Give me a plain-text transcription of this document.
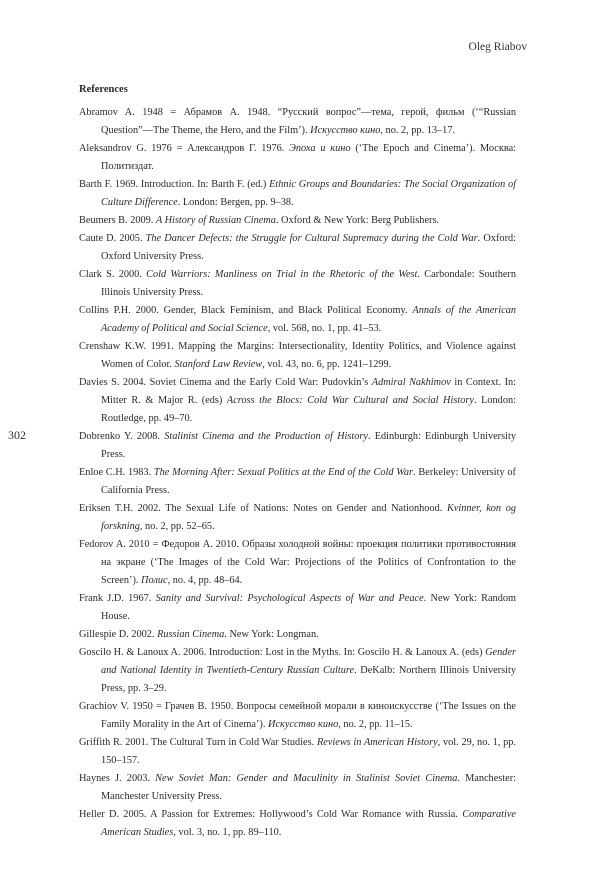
Oleg Riabov
302
References

Abramov A. 1948 = Абрамов А. 1948. “Русский вопрос”—тема, герой, фильм (‘“Russian Question”—The Theme, the Hero, and the Film’). Искусство кино, no. 2, pp. 13–17.

Aleksandrov G. 1976 = Александров Г. 1976. Эпоха и кино (‘The Epoch and Cinema’). Москва: Политиздат.

Barth F. 1969. Introduction. In: Barth F. (ed.) Ethnic Groups and Boundaries: The Social Organization of Culture Difference. London: Bergen, pp. 9–38.

Beumers B. 2009. A History of Russian Cinema. Oxford & New York: Berg Publishers.

Caute D. 2005. The Dancer Defects: the Struggle for Cultural Supremacy during the Cold War. Oxford: Oxford University Press.

Clark S. 2000. Cold Warriors: Manliness on Trial in the Rhetoric of the West. Carbondale: Southern Illinois University Press.

Collins P.H. 2000. Gender, Black Feminism, and Black Political Economy. Annals of the American Academy of Political and Social Science, vol. 568, no. 1, pp. 41–53.

Crenshaw K.W. 1991. Mapping the Margins: Intersectionality, Identity Politics, and Violence against Women of Color. Stanford Law Review, vol. 43, no. 6, pp. 1241–1299.

Davies S. 2004. Soviet Cinema and the Early Cold War: Pudovkin’s Admiral Nakhimov in Context. In: Mitter R. & Major R. (eds) Across the Blocs: Cold War Cultural and Social History. London: Routledge, pp. 49–70.

Dobrenko Y. 2008. Stalinist Cinema and the Production of History. Edinburgh: Edinburgh University Press.

Enloe C.H. 1983. The Morning After: Sexual Politics at the End of the Cold War. Berkeley: University of California Press.

Eriksen T.H. 2002. The Sexual Life of Nations: Notes on Gender and Nationhood. Kvinner, kon og forskning, no. 2, pp. 52–65.

Fedorov A. 2010 = Федоров А. 2010. Образы холодной войны: проекция политики противостояния на экране (‘The Images of the Cold War: Projections of the Politics of Confrontation to the Screen’). Полис, no. 4, pp. 48–64.

Frank J.D. 1967. Sanity and Survival: Psychological Aspects of War and Peace. New York: Random House.

Gillespie D. 2002. Russian Cinema. New York: Longman.

Goscilo H. & Lanoux A. 2006. Introduction: Lost in the Myths. In: Goscilo H. & Lanoux A. (eds) Gender and National Identity in Twentieth-Century Russian Culture. DeKalb: Northern Illinois University Press, pp. 3–29.

Grachiov V. 1950 = Грачев В. 1950. Вопросы семейной морали в киноискусстве (‘The Issues on the Family Morality in the Art of Cinema’). Искусство кино, no. 2, pp. 11–15.

Griffith R. 2001. The Cultural Turn in Cold War Studies. Reviews in American History, vol. 29, no. 1, pp. 150–157.

Haynes J. 2003. New Soviet Man: Gender and Maculinity in Stalinist Soviet Cinema. Manchester: Manchester University Press.

Heller D. 2005. A Passion for Extremes: Hollywood’s Cold War Romance with Russia. Comparative American Studies, vol. 3, no. 1, pp. 89–110.
